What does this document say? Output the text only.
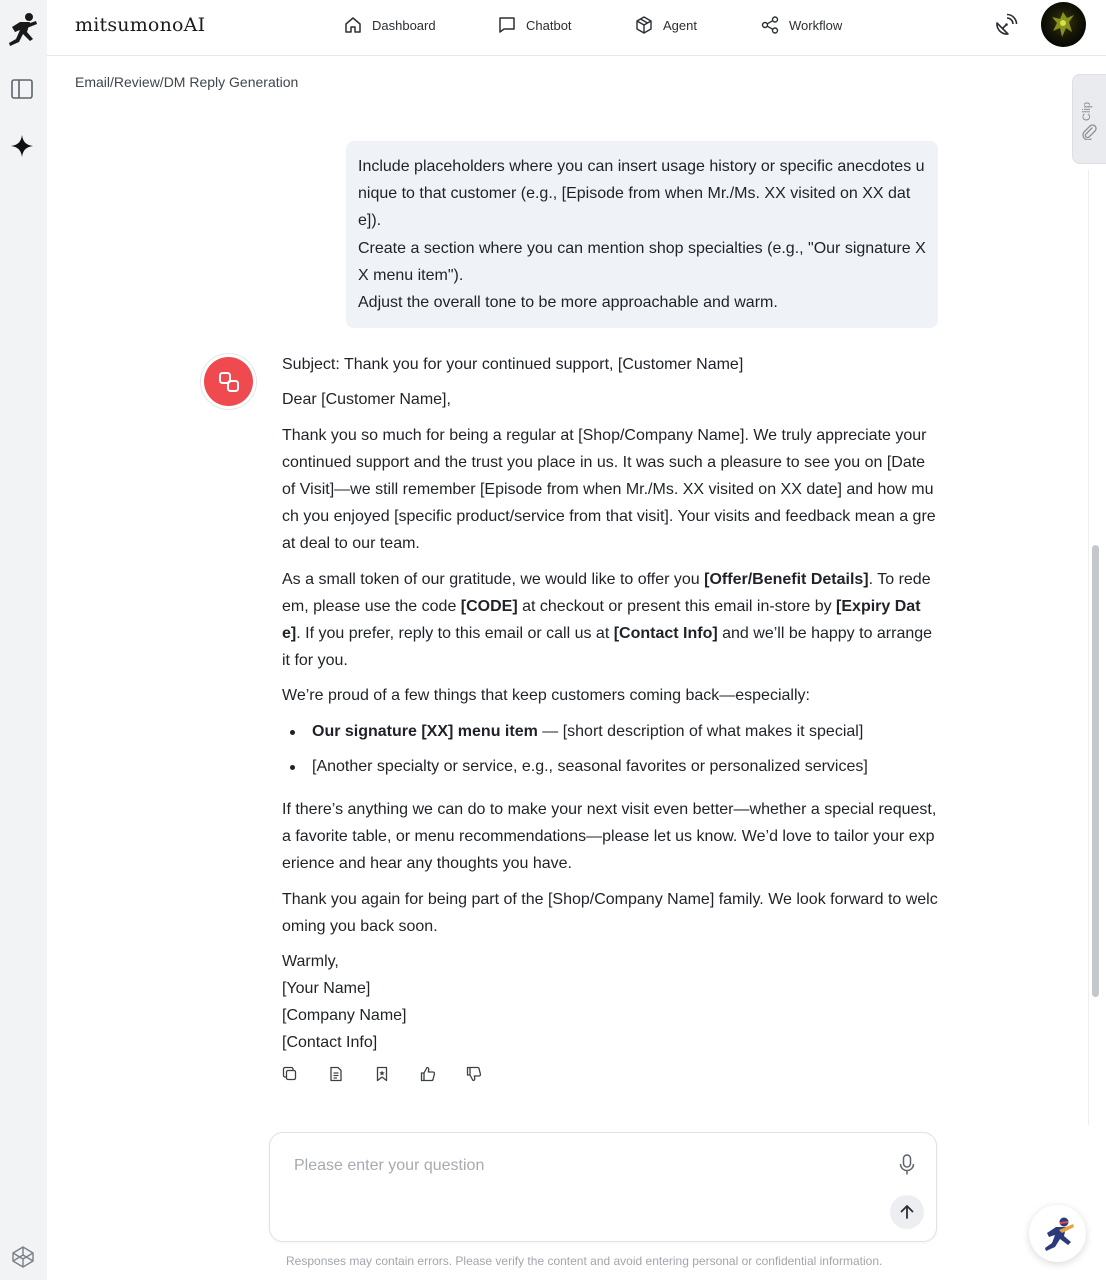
mitsumonoAI	Dashboard	Chatbot	Agent	Workflow
Email/Review/DM Reply Generation
Clip

Include placeholders where you can insert usage history or specific anecdotes unique to that customer (e.g., [Episode from when Mr./Ms. XX visited on XX date]).

Create a section where you can mention shop specialties (e.g., "Our signature XX menu item").

Adjust the overall tone to be more approachable and warm.

Subject: Thank you for your continued support, [Customer Name]

Dear [Customer Name],

Thank you so much for being a regular at [Shop/Company Name]. We truly appreciate your continued support and the trust you place in us. It was such a pleasure to see you on [Date of Visit]—we still remember [Episode from when Mr./Ms. XX visited on XX date] and how much you enjoyed [specific product/service from that visit]. Your visits and feedback mean a great deal to our team.

As a small token of our gratitude, we would like to offer you [Offer/Benefit Details]. To redeem, please use the code [CODE] at checkout or present this email in-store by [Expiry Date]. If you prefer, reply to this email or call us at [Contact Info] and we’ll be happy to arrange it for you.

We’re proud of a few things that keep customers coming back—especially:

Our signature [XX] menu item — [short description of what makes it special]
[Another specialty or service, e.g., seasonal favorites or personalized services]

If there’s anything we can do to make your next visit even better—whether a special request, a favorite table, or menu recommendations—please let us know. We’d love to tailor your experience and hear any thoughts you have.

Thank you again for being part of the [Shop/Company Name] family. We look forward to welcoming you back soon.

Warmly,

[Your Name]

[Company Name]

[Contact Info]

Please enter your question
Responses may contain errors. Please verify the content and avoid entering personal or confidential information.
